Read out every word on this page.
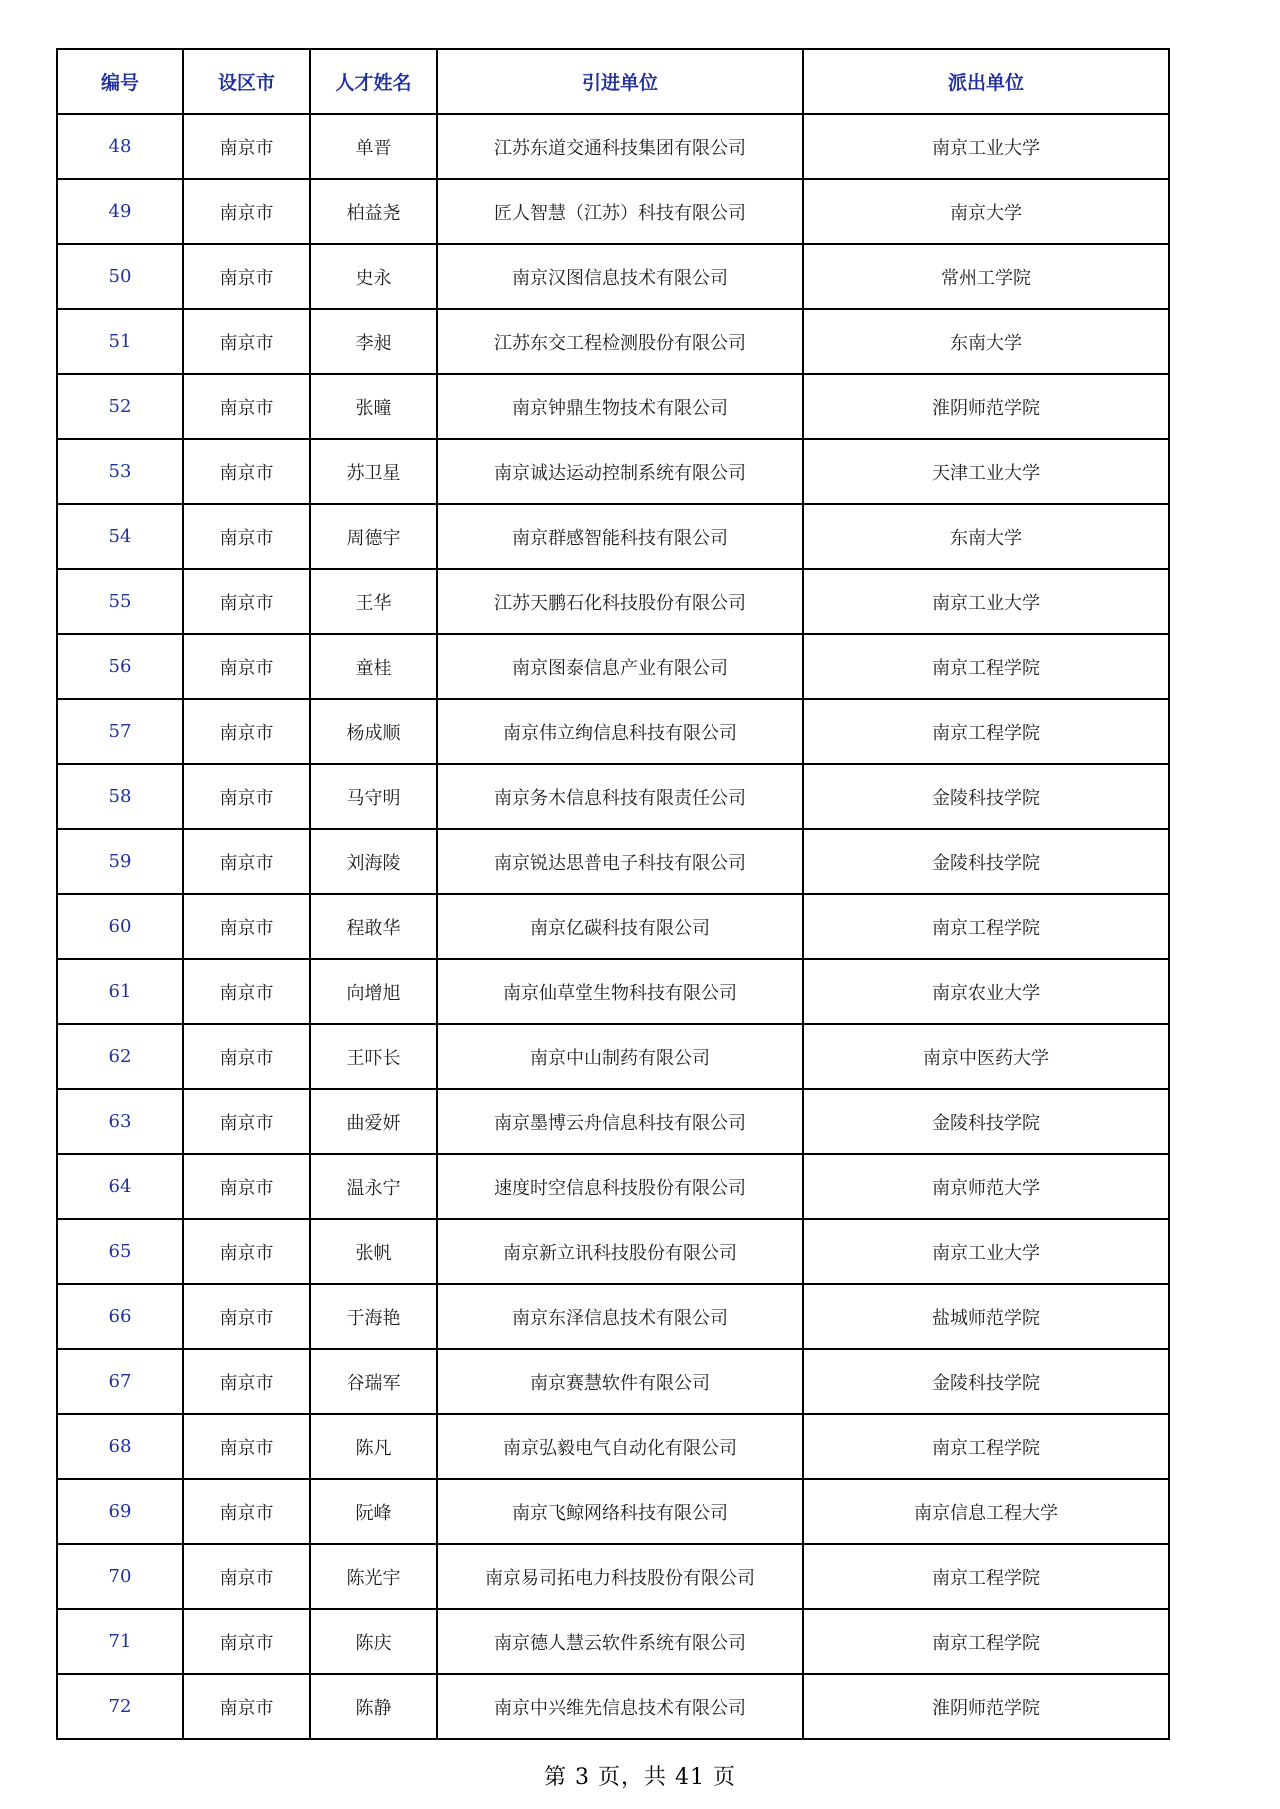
编号	设区市	人才姓名	引进单位	派出单位
48	南京市	单晋	江苏东道交通科技集团有限公司	南京工业大学
49	南京市	柏益尧	匠人智慧（江苏）科技有限公司	南京大学
50	南京市	史永	南京汉图信息技术有限公司	常州工学院
51	南京市	李昶	江苏东交工程检测股份有限公司	东南大学
52	南京市	张曈	南京钟鼎生物技术有限公司	淮阴师范学院
53	南京市	苏卫星	南京诚达运动控制系统有限公司	天津工业大学
54	南京市	周德宇	南京群感智能科技有限公司	东南大学
55	南京市	王华	江苏天鹏石化科技股份有限公司	南京工业大学
56	南京市	童桂	南京图泰信息产业有限公司	南京工程学院
57	南京市	杨成顺	南京伟立绚信息科技有限公司	南京工程学院
58	南京市	马守明	南京务木信息科技有限责任公司	金陵科技学院
59	南京市	刘海陵	南京锐达思普电子科技有限公司	金陵科技学院
60	南京市	程敢华	南京亿碳科技有限公司	南京工程学院
61	南京市	向增旭	南京仙草堂生物科技有限公司	南京农业大学
62	南京市	王吓长	南京中山制药有限公司	南京中医药大学
63	南京市	曲爱妍	南京墨博云舟信息科技有限公司	金陵科技学院
64	南京市	温永宁	速度时空信息科技股份有限公司	南京师范大学
65	南京市	张帆	南京新立讯科技股份有限公司	南京工业大学
66	南京市	于海艳	南京东泽信息技术有限公司	盐城师范学院
67	南京市	谷瑞军	南京赛慧软件有限公司	金陵科技学院
68	南京市	陈凡	南京弘毅电气自动化有限公司	南京工程学院
69	南京市	阮峰	南京飞鲸网络科技有限公司	南京信息工程大学
70	南京市	陈光宇	南京易司拓电力科技股份有限公司	南京工程学院
71	南京市	陈庆	南京德人慧云软件系统有限公司	南京工程学院
72	南京市	陈静	南京中兴维先信息技术有限公司	淮阴师范学院
第 3 页，共 41 页
